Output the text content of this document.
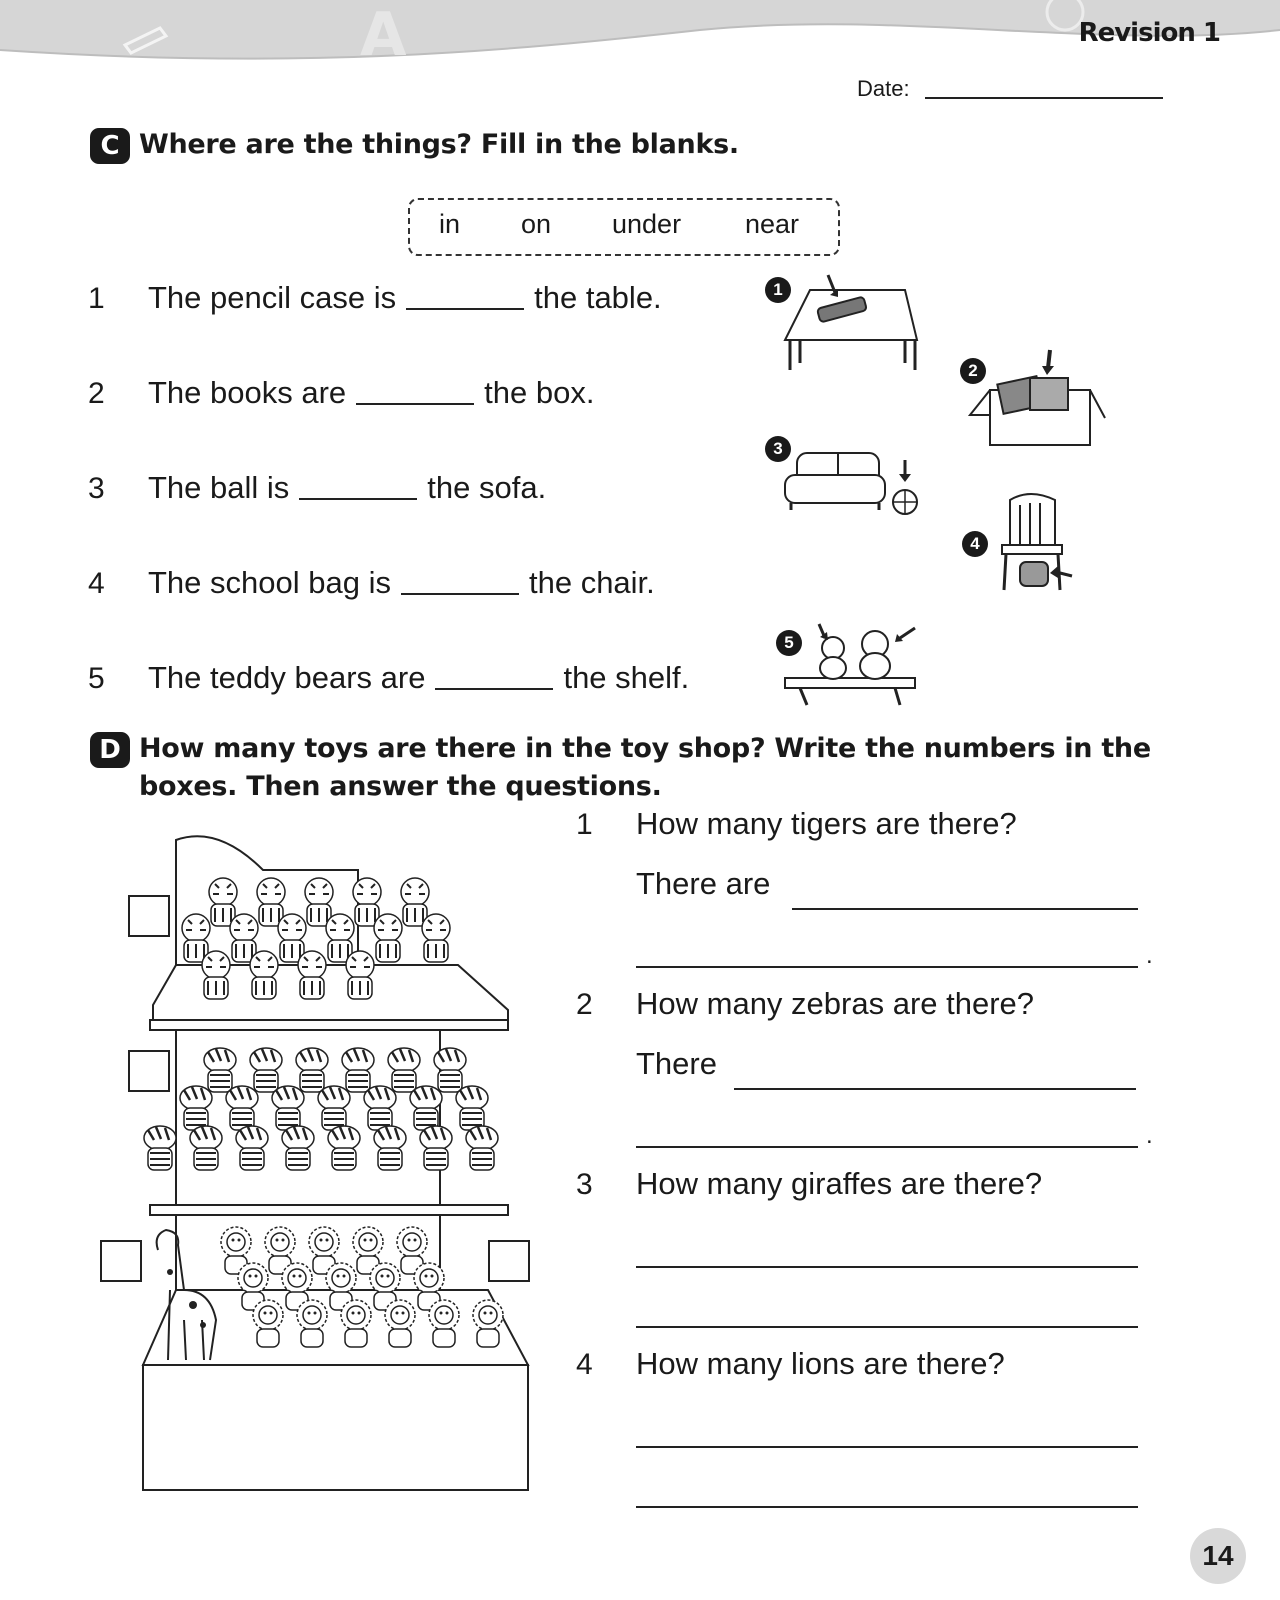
A	Revision 1
Date:
C Where are the things? Fill in the blanks.
in on under near
1 The pencil case is	the table.
2 The books are	the box.
3 The ball is	the sofa.
4 The school bag is	the chair.
5 The teddy bears are	the shelf.
1
2
3
4
5
D How many toys are there in the toy shop? Write the numbers in the
boxes. Then answer the questions.
1 How many tigers are there?
There are
.
2 How many zebras are there?
There
.
3 How many giraffes are there?
4 How many lions are there?
14
